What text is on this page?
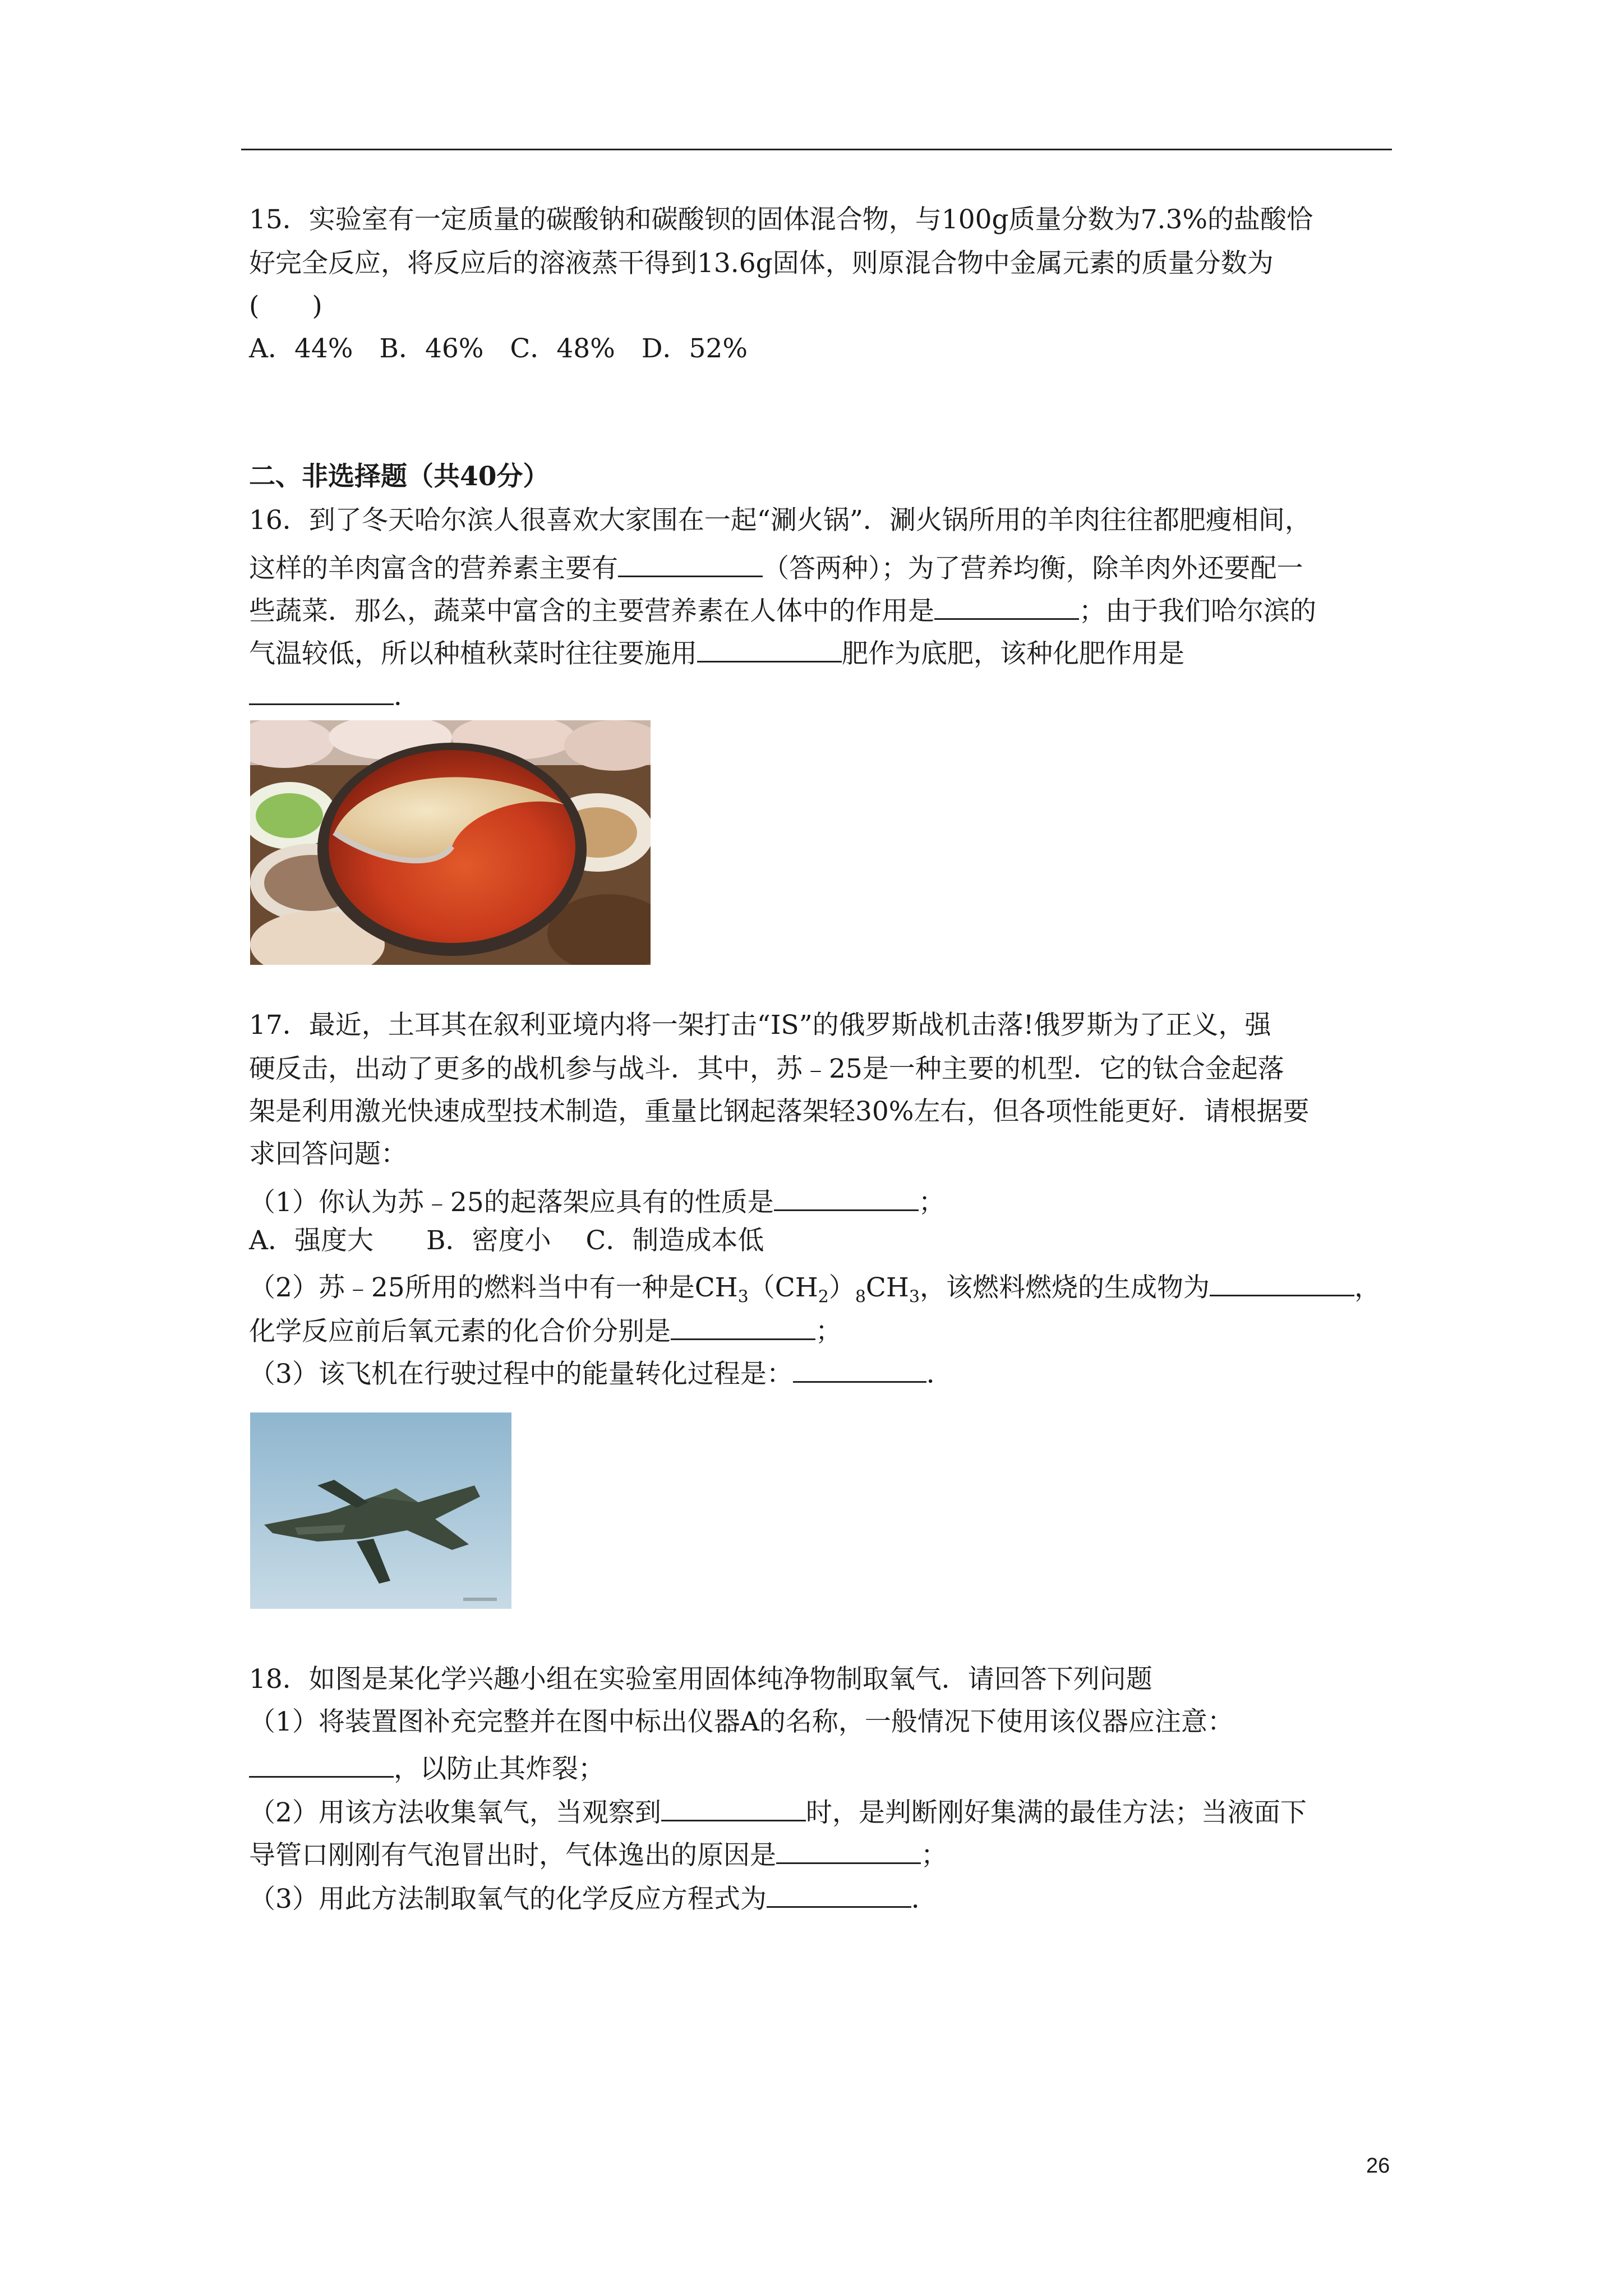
15．实验室有一定质量的碳酸钠和碳酸钡的固体混合物，与100g质量分数为7.3%的盐酸恰
好完全反应，将反应后的溶液蒸干得到13.6g固体，则原混合物中金属元素的质量分数为
(　　)
A．44%　B．46%　C．48%　D．52%
二、非选择题（共40分）
16．到了冬天哈尔滨人很喜欢大家围在一起“涮火锅”．涮火锅所用的羊肉往往都肥瘦相间，
这样的羊肉富含的营养素主要有	（答两种）；为了营养均衡，除羊肉外还要配一
些蔬菜．那么，蔬菜中富含的主要营养素在人体中的作用是	；由于我们哈尔滨的
气温较低，所以种植秋菜时往往要施用	肥作为底肥，该种化肥作用是
．
17．最近，土耳其在叙利亚境内将一架打击“IS”的俄罗斯战机击落!俄罗斯为了正义，强
硬反击，出动了更多的战机参与战斗．其中，苏﹣25是一种主要的机型．它的钛合金起落
架是利用激光快速成型技术制造，重量比钢起落架轻30%左右，但各项性能更好．请根据要
求回答问题：
（1）你认为苏﹣25的起落架应具有的性质是	；
A．强度大　　B．密度小　 C．制造成本低
（2）苏﹣25所用的燃料当中有一种是$CH_3(CH_2)_8CH_3$，该燃料燃烧的生成物为	，
化学反应前后氧元素的化合价分别是	；
（3）该飞机在行驶过程中的能量转化过程是：	．
18．如图是某化学兴趣小组在实验室用固体纯净物制取氧气．请回答下列问题
（1）将装置图补充完整并在图中标出仪器A的名称，一般情况下使用该仪器应注意：
，以防止其炸裂；
（2）用该方法收集氧气，当观察到	时，是判断刚好集满的最佳方法；当液面下
导管口刚刚有气泡冒出时，气体逸出的原因是	；
（3）用此方法制取氧气的化学反应方程式为	．
26
